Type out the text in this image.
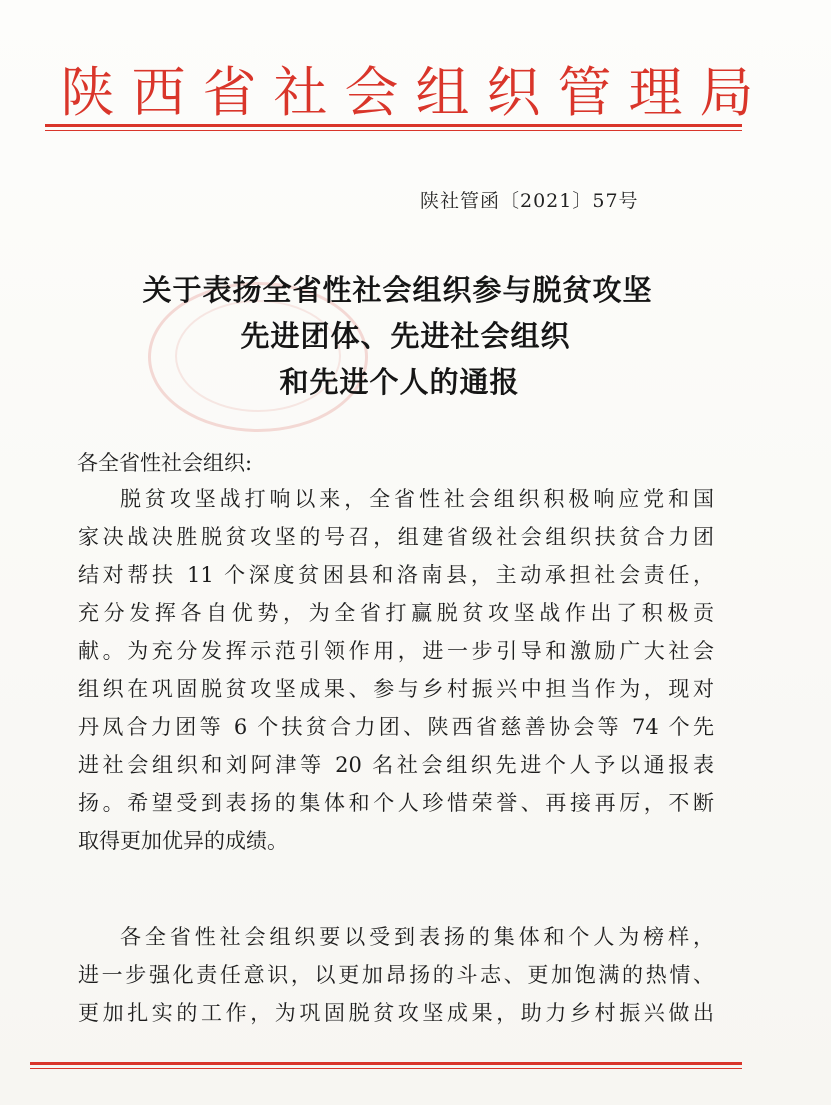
陕西省社会组织管理局
陕社管函〔2021〕57号
关于表扬全省性社会组织参与脱贫攻坚
先进团体、先进社会组织
和先进个人的通报
各全省性社会组织:
脱贫攻坚战打响以来，全省性社会组织积极响应党和国
家决战决胜脱贫攻坚的号召，组建省级社会组织扶贫合力团
结对帮扶 11 个深度贫困县和洛南县，主动承担社会责任，
充分发挥各自优势，为全省打赢脱贫攻坚战作出了积极贡
献。为充分发挥示范引领作用，进一步引导和激励广大社会
组织在巩固脱贫攻坚成果、参与乡村振兴中担当作为，现对
丹凤合力团等 6 个扶贫合力团、陕西省慈善协会等 74 个先
进社会组织和刘阿津等 20 名社会组织先进个人予以通报表
扬。希望受到表扬的集体和个人珍惜荣誉、再接再厉，不断
取得更加优异的成绩。
各全省性社会组织要以受到表扬的集体和个人为榜样，
进一步强化责任意识，以更加昂扬的斗志、更加饱满的热情、
更加扎实的工作，为巩固脱贫攻坚成果，助力乡村振兴做出
